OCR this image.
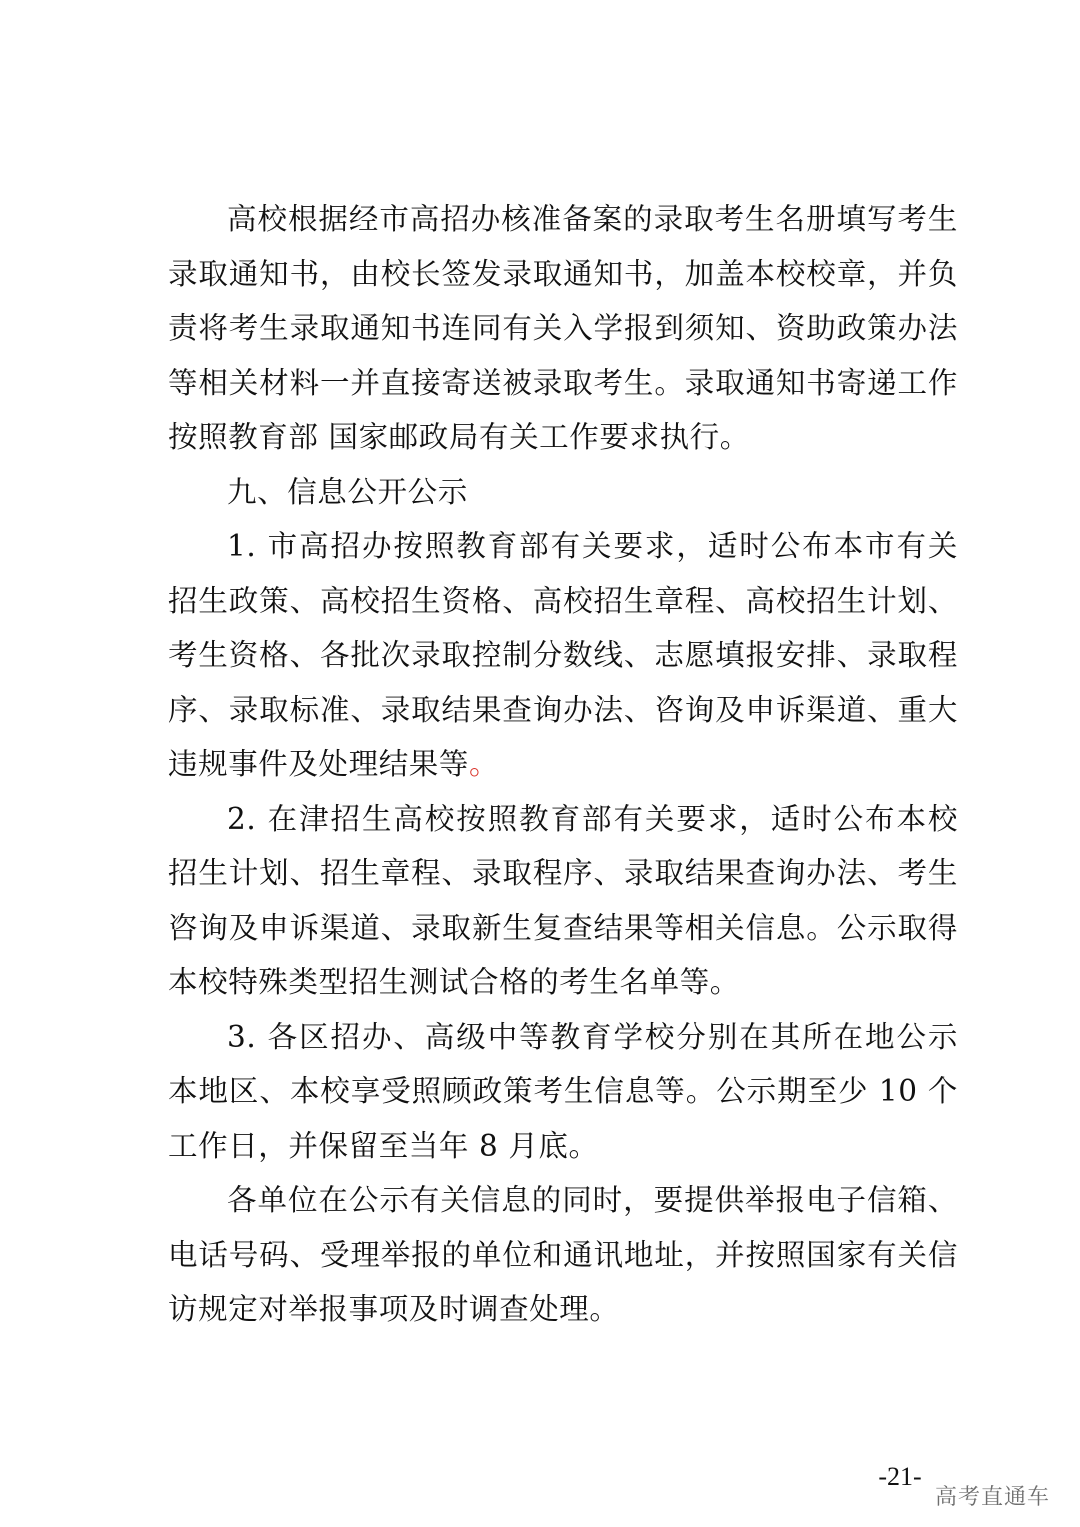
高校根据经市高招办核准备案的录取考生名册填写考生录取通知书，由校长签发录取通知书，加盖本校校章，并负责将考生录取通知书连同有关入学报到须知、资助政策办法等相关材料一并直接寄送被录取考生。录取通知书寄递工作按照教育部 国家邮政局有关工作要求执行。

九、信息公开公示

1. 市高招办按照教育部有关要求，适时公布本市有关招生政策、高校招生资格、高校招生章程、高校招生计划、考生资格、各批次录取控制分数线、志愿填报安排、录取程序、录取标准、录取结果查询办法、咨询及申诉渠道、重大违规事件及处理结果等。

2. 在津招生高校按照教育部有关要求，适时公布本校招生计划、招生章程、录取程序、录取结果查询办法、考生咨询及申诉渠道、录取新生复查结果等相关信息。公示取得本校特殊类型招生测试合格的考生名单等。

3. 各区招办、高级中等教育学校分别在其所在地公示本地区、本校享受照顾政策考生信息等。公示期至少 10 个工作日，并保留至当年 8 月底。

各单位在公示有关信息的同时，要提供举报电子信箱、电话号码、受理举报的单位和通讯地址，并按照国家有关信访规定对举报事项及时调查处理。

-21-
高考直通车
